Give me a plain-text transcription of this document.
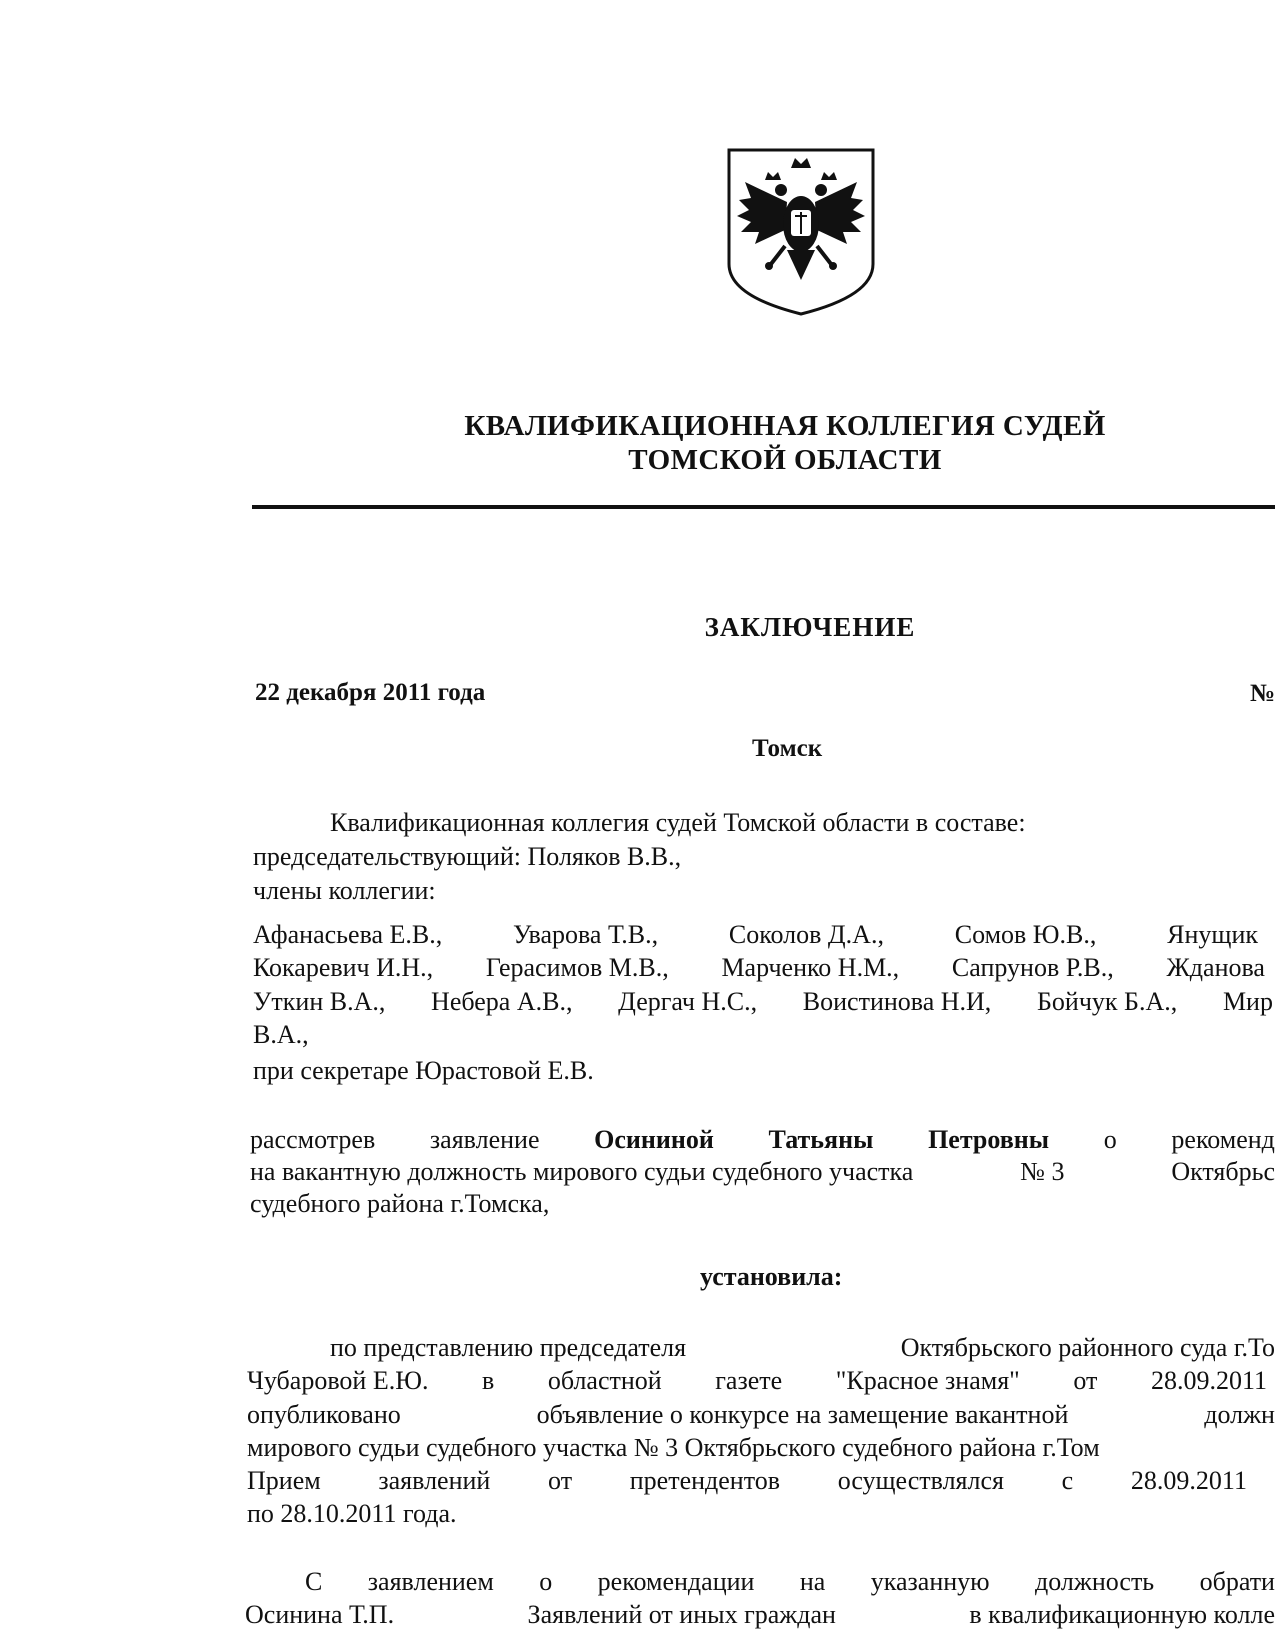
КВАЛИФИКАЦИОННАЯ КОЛЛЕГИЯ СУДЕЙ
ТОМСКОЙ ОБЛАСТИ
ЗАКЛЮЧЕНИЕ
22 декабря 2011 года	№
Томск
Квалификационная коллегия судей Томской области в составе:
председательствующий: Поляков В.В.,
члены коллегии:
Афанасьева Е.В.,	Уварова Т.В.,	Соколов Д.А.,	Сомов Ю.В.,	Янущик
Кокаревич И.Н., Герасимов М.В., Марченко Н.М., Сапрунов Р.В., Жданова
Уткин В.А., Небера А.В., Дергач Н.С., Воистинова Н.И, Бойчук Б.А., Мир
В.А.,
при секретаре Юрастовой Е.В.
рассмотрев заявление Осининой Татьяны Петровны о рекоменд
на вакантную должность мирового судьи судебного участка	№ 3	Октябрьс
судебного района г.Томска,
установила:
по представлению председателя	Октябрьского районного суда г.То
Чубаровой Е.Ю. в областной газете "Красное знамя" от 28.09.2011
опубликовано	объявление о конкурсе на замещение вакантной	должн
мирового судьи судебного участка № 3 Октябрьского судебного района г.Том
Прием заявлений от претендентов осуществлялся с 28.09.2011
по 28.10.2011 года.
С заявлением о рекомендации на указанную должность обрати
Осинина Т.П.	Заявлений от иных граждан	в квалификационную колле
